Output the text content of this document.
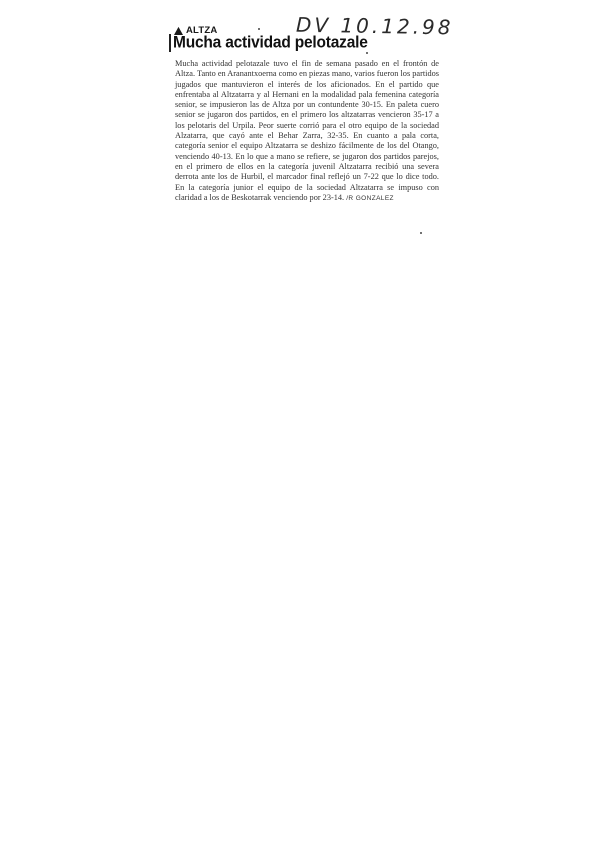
DV 10.12.98
ALTZA
Mucha actividad pelotazale

Mucha actividad pelotazale tuvo el fin de semana pasado en el frontón de Altza. Tanto en Aranantxoerna como en piezas mano, varios fueron los partidos jugados que mantuvieron el interés de los aficionados. En el partido que enfrentaba al Altzatarra y al Hernani en la modalidad pala femenina categoría senior, se impusieron las de Altza por un contundente 30-15. En paleta cuero senior se jugaron dos partidos, en el primero los altzatarras vencieron 35-17 a los pelotaris del Urpila. Peor suerte corrió para el otro equipo de la sociedad Alzatarra, que cayó ante el Behar Zarra, 32-35. En cuanto a pala corta, categoría senior el equipo Altzatarra se deshizo fácilmente de los del Otango, venciendo 40-13. En lo que a mano se refiere, se jugaron dos partidos parejos, en el primero de ellos en la categoría juvenil Altzatarra recibió una severa derrota ante los de Hurbil, el marcador final reflejó un 7-22 que lo dice todo. En la categoría junior el equipo de la sociedad Altzatarra se impuso con claridad a los de Beskotarrak venciendo por 23-14. /R GONZALEZ
